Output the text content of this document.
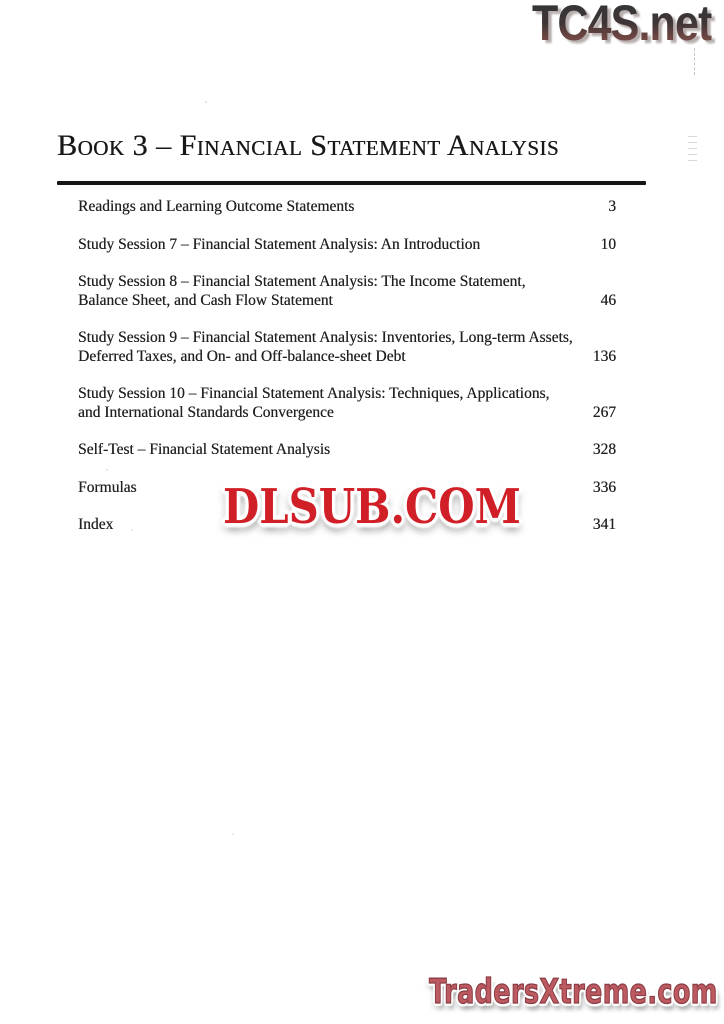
TC4S.net
Book 3 – Financial Statement Analysis
Readings and Learning Outcome Statements	3
Study Session 7 – Financial Statement Analysis: An Introduction	10
Study Session 8 – Financial Statement Analysis: The Income Statement,
Balance Sheet, and Cash Flow Statement	46
Study Session 9 – Financial Statement Analysis: Inventories, Long-term Assets,
Deferred Taxes, and On- and Off-balance-sheet Debt	136
Study Session 10 – Financial Statement Analysis: Techniques, Applications,
and International Standards Convergence	267
Self-Test – Financial Statement Analysis	328
Formulas	336
Index	341
DLSUB.COM
TradersXtreme.com
